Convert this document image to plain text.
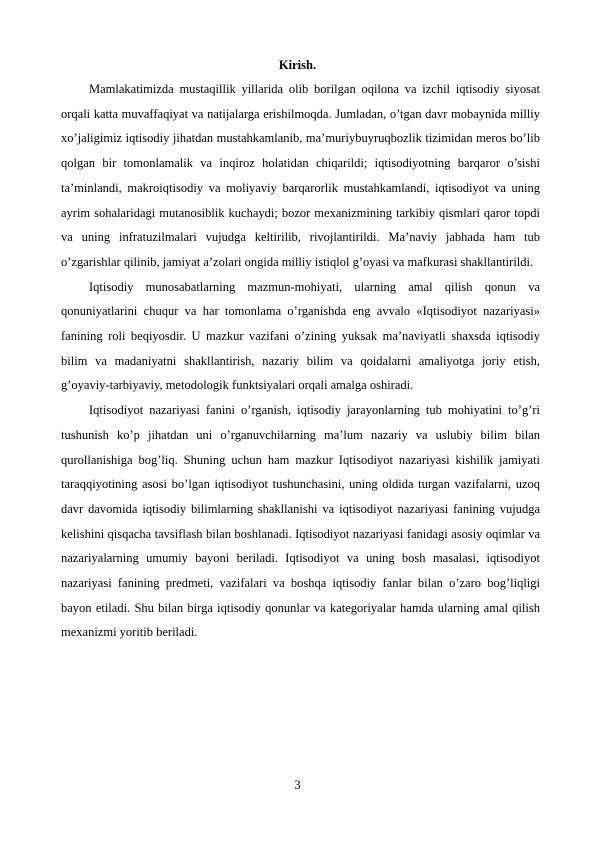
Kirish.

Mamlakatimizda mustaqillik yillarida olib borilgan oqilona va izchil iqtisodiy siyosat orqali katta muvaffaqiyat va natijalarga erishilmoqda. Jumladan, o’tgan davr mobaynida milliy xo’jaligimiz iqtisodiy jihatdan mustahkamlanib, ma’muriybuyruqbozlik tizimidan meros bo’lib qolgan bir tomonlamalik va inqiroz holatidan chiqarildi; iqtisodiyotning barqaror o’sishi ta’minlandi, makroiqtisodiy va moliyaviy barqarorlik mustahkamlandi, iqtisodiyot va uning ayrim sohalaridagi mutanosiblik kuchaydi; bozor mexanizmining tarkibiy qismlari qaror topdi va uning infratuzilmalari vujudga keltirilib, rivojlantirildi. Ma’naviy jabhada ham tub o’zgarishlar qilinib, jamiyat a’zolari ongida milliy istiqlol g’oyasi va mafkurasi shakllantirildi.

Iqtisodiy munosabatlarning mazmun-mohiyati, ularning amal qilish qonun va qonuniyatlarini chuqur va har tomonlama o’rganishda eng avvalo «Iqtisodiyot nazariyasi» fanining roli beqiyosdir. U mazkur vazifani o’zining yuksak ma’naviyatli shaxsda iqtisodiy bilim va madaniyatni shakllantirish, nazariy bilim va qoidalarni amaliyotga joriy etish, g’oyaviy-tarbiyaviy, metodologik funktsiyalari orqali amalga oshiradi.

Iqtisodiyot nazariyasi fanini o’rganish, iqtisodiy jarayonlarning tub mohiyatini to’g’ri tushunish ko’p jihatdan uni o’rganuvchilarning ma’lum nazariy va uslubiy bilim bilan qurollanishiga bog’liq. Shuning uchun ham mazkur Iqtisodiyot nazariyasi kishilik jamiyati taraqqiyotining asosi bo’lgan iqtisodiyot tushunchasini, uning oldida turgan vazifalarni, uzoq davr davomida iqtisodiy bilimlarning shakllanishi va iqtisodiyot nazariyasi fanining vujudga kelishini qisqacha tavsiflash bilan boshlanadi. Iqtisodiyot nazariyasi fanidagi asosiy oqimlar va nazariyalarning umumiy bayoni beriladi. Iqtisodiyot va uning bosh masalasi, iqtisodiyot nazariyasi fanining predmeti, vazifalari va boshqa iqtisodiy fanlar bilan o’zaro bog’liqligi bayon etiladi. Shu bilan birga iqtisodiy qonunlar va kategoriyalar hamda ularning amal qilish mexanizmi yoritib beriladi.

3
